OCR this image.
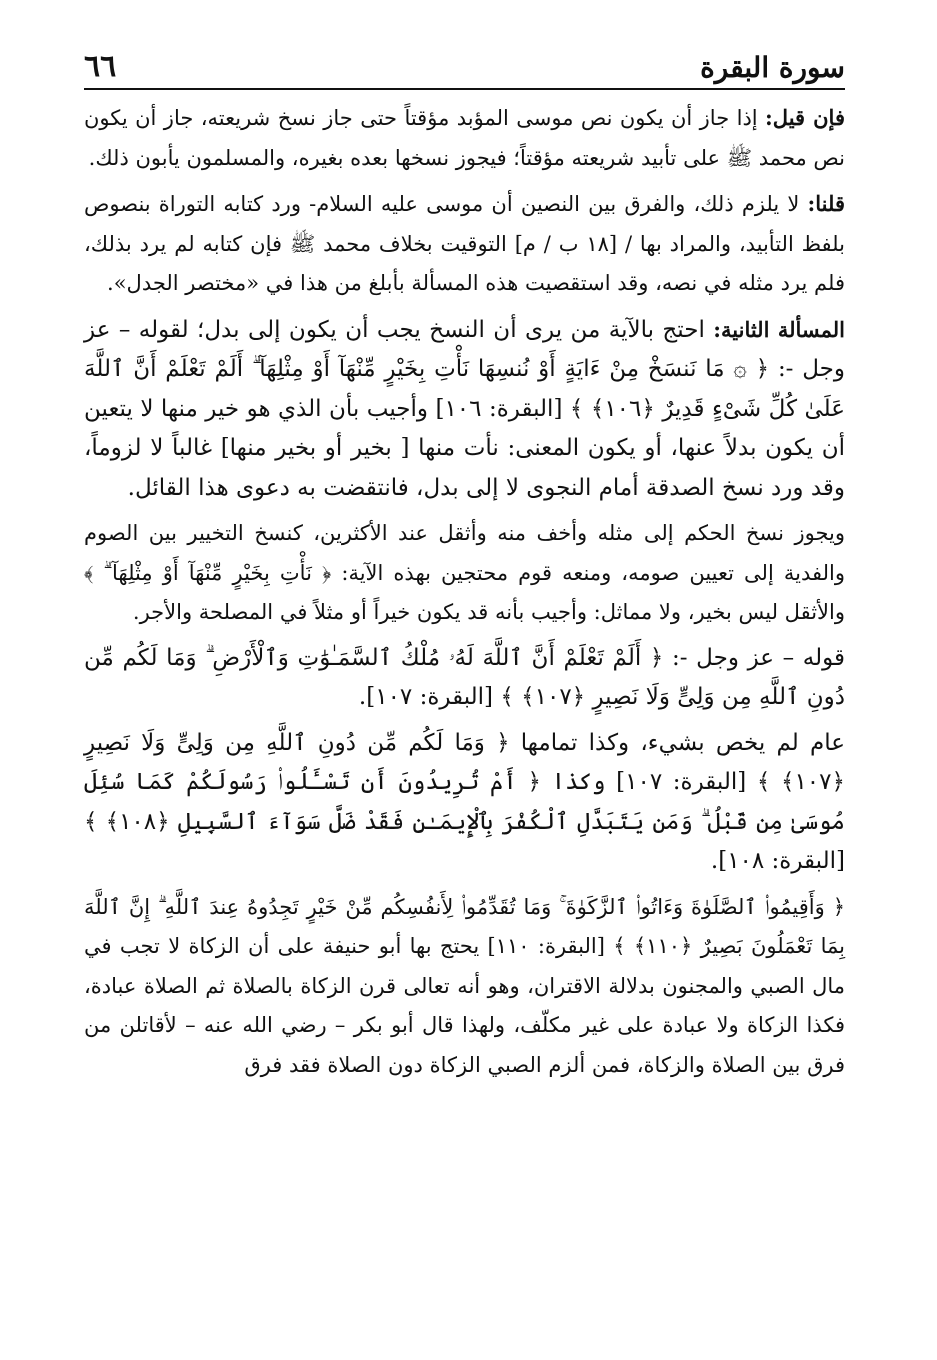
سورة البقرة
٦٦

فإن قيل: إذا جاز أن يكون نص موسى المؤبد مؤقتاً حتى جاز نسخ شريعته، جاز أن يكون نص محمد ﷺ على تأبيد شريعته مؤقتاً؛ فيجوز نسخها بعده بغيره، والمسلمون يأبون ذلك.

قلنا: لا يلزم ذلك، والفرق بين النصين أن موسى عليه السلام- ورد كتابه التوراة بنصوص بلفظ التأبيد، والمراد بها / [١٨ ب / م] التوقيت بخلاف محمد ﷺ فإن كتابه لم يرد بذلك، فلم يرد مثله في نصه، وقد استقصيت هذه المسألة بأبلغ من هذا في «مختصر الجدل».

المسألة الثانية: احتج بالآية من يرى أن النسخ يجب أن يكون إلى بدل؛ لقوله – عز وجل -: ﴿ ۞ مَا نَنسَخْ مِنْ ءَايَةٍ أَوْ نُنسِهَا نَأْتِ بِخَيْرٍ مِّنْهَآ أَوْ مِثْلِهَآ ۗ أَلَمْ تَعْلَمْ أَنَّ ٱللَّهَ عَلَىٰ كُلِّ شَىْءٍ قَدِيرٌ ﴿١٠٦﴾ ﴾ [البقرة: ١٠٦] وأجيب بأن الذي هو خير منها لا يتعين أن يكون بدلاً عنها، أو يكون المعنى: نأت منها [ بخير أو بخير منها] غالباً لا لزوماً، وقد ورد نسخ الصدقة أمام النجوى لا إلى بدل، فانتقضت به دعوى هذا القائل.

ويجوز نسخ الحكم إلى مثله وأخف منه وأثقل عند الأكثرين، كنسخ التخيير بين الصوم والفدية إلى تعيين صومه، ومنعه قوم محتجين بهذه الآية: ﴿ نَأْتِ بِخَيْرٍ مِّنْهَآ أَوْ مِثْلِهَآ ۗ ﴾ والأثقل ليس بخير، ولا مماثل: وأجيب بأنه قد يكون خيراً أو مثلاً في المصلحة والأجر.

قوله – عز وجل -: ﴿ أَلَمْ تَعْلَمْ أَنَّ ٱللَّهَ لَهُۥ مُلْكُ ٱلسَّمَـٰوَٰتِ وَٱلْأَرْضِ ۗ وَمَا لَكُم مِّن دُونِ ٱللَّهِ مِن وَلِىٍّ وَلَا نَصِيرٍ ﴿١٠٧﴾ ﴾ [البقرة: ١٠٧].

عام لم يخص بشيء، وكذا تمامها ﴿ وَمَا لَكُم مِّن دُونِ ٱللَّهِ مِن وَلِىٍّ وَلَا نَصِيرٍ ﴿١٠٧﴾ ﴾ [البقرة: ١٠٧] وكذا ﴿ أَمْ تُرِيدُونَ أَن تَسْـَٔلُوا۟ رَسُولَكُمْ كَمَا سُئِلَ مُوسَىٰ مِن قَبْلُ ۗ وَمَن يَتَبَدَّلِ ٱلْكُفْرَ بِٱلْإِيمَـٰنِ فَقَدْ ضَلَّ سَوَآءَ ٱلسَّبِيلِ ﴿١٠٨﴾ ﴾ [البقرة: ١٠٨].

﴿ وَأَقِيمُوا۟ ٱلصَّلَوٰةَ وَءَاتُوا۟ ٱلزَّكَوٰةَ ۚ وَمَا تُقَدِّمُوا۟ لِأَنفُسِكُم مِّنْ خَيْرٍ تَجِدُوهُ عِندَ ٱللَّهِ ۗ إِنَّ ٱللَّهَ بِمَا تَعْمَلُونَ بَصِيرٌ ﴿١١٠﴾ ﴾ [البقرة: ١١٠] يحتج بها أبو حنيفة على أن الزكاة لا تجب في مال الصبي والمجنون بدلالة الاقتران، وهو أنه تعالى قرن الزكاة بالصلاة ثم الصلاة عبادة، فكذا الزكاة ولا عبادة على غير مكلّف، ولهذا قال أبو بكر – رضي الله عنه – لأقاتلن من فرق بين الصلاة والزكاة، فمن ألزم الصبي الزكاة دون الصلاة فقد فرق
